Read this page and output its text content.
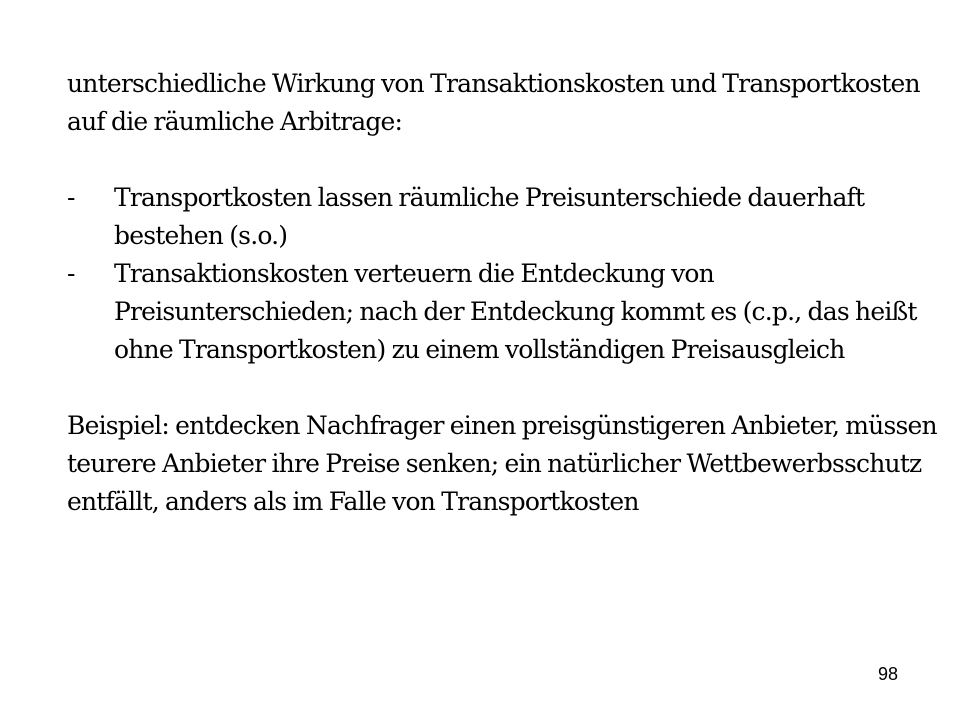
unterschiedliche Wirkung von Transaktionskosten und Transportkosten auf die räumliche Arbitrage:

-	Transportkosten lassen räumliche Preisunterschiede dauerhaft bestehen (s.o.)
-	Transaktionskosten verteuern die Entdeckung von Preisunterschieden; nach der Entdeckung kommt es (c.p., das heißt ohne Transportkosten) zu einem vollständigen Preisausgleich

Beispiel: entdecken Nachfrager einen preisgünstigeren Anbieter, müssen teurere Anbieter ihre Preise senken; ein natürlicher Wettbewerbsschutz entfällt, anders als im Falle von Transportkosten

98
